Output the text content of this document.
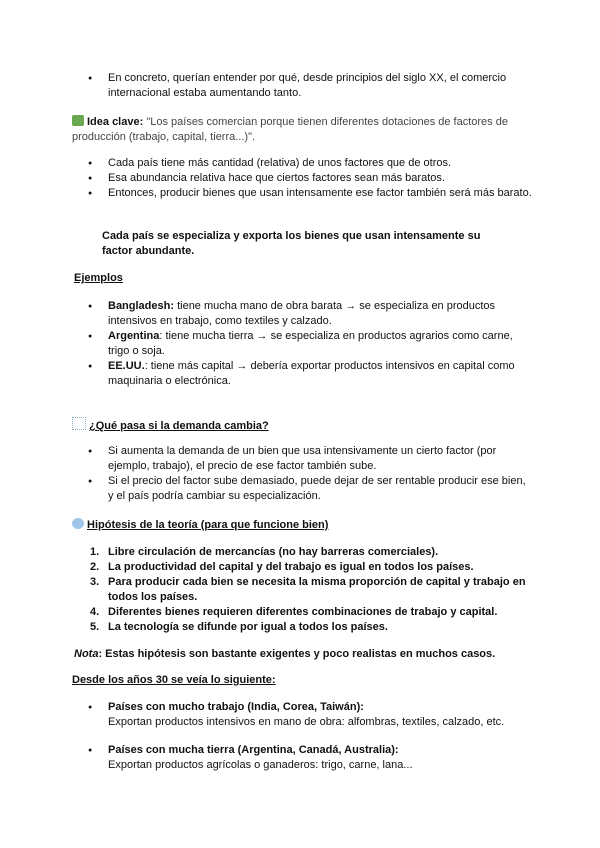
● En concreto, querían entender por qué, desde principios del siglo XX, el comercio internacional estaba aumentando tanto.
Idea clave: "Los países comercian porque tienen diferentes dotaciones de factores de producción (trabajo, capital, tierra...)".
● Cada país tiene más cantidad (relativa) de unos factores que de otros.
● Esa abundancia relativa hace que ciertos factores sean más baratos.
● Entonces, producir bienes que usan intensamente ese factor también será más barato.
Cada país se especializa y exporta los bienes que usan intensamente su factor abundante.
Ejemplos
● Bangladesh: tiene mucha mano de obra barata → se especializa en productos intensivos en trabajo, como textiles y calzado.
● Argentina: tiene mucha tierra → se especializa en productos agrarios como carne, trigo o soja.
● EE.UU.: tiene más capital → debería exportar productos intensivos en capital como maquinaria o electrónica.
¿Qué pasa si la demanda cambia?
● Si aumenta la demanda de un bien que usa intensivamente un cierto factor (por ejemplo, trabajo), el precio de ese factor también sube.
● Si el precio del factor sube demasiado, puede dejar de ser rentable producir ese bien, y el país podría cambiar su especialización.
Hipótesis de la teoría (para que funcione bien)
1. Libre circulación de mercancías (no hay barreras comerciales).
2. La productividad del capital y del trabajo es igual en todos los países.
3. Para producir cada bien se necesita la misma proporción de capital y trabajo en todos los países.
4. Diferentes bienes requieren diferentes combinaciones de trabajo y capital.
5. La tecnología se difunde por igual a todos los países.
Nota: Estas hipótesis son bastante exigentes y poco realistas en muchos casos.
Desde los años 30 se veía lo siguiente:
● Países con mucho trabajo (India, Corea, Taiwán):
Exportan productos intensivos en mano de obra: alfombras, textiles, calzado, etc.
● Países con mucha tierra (Argentina, Canadá, Australia):
Exportan productos agrícolas o ganaderos: trigo, carne, lana...
